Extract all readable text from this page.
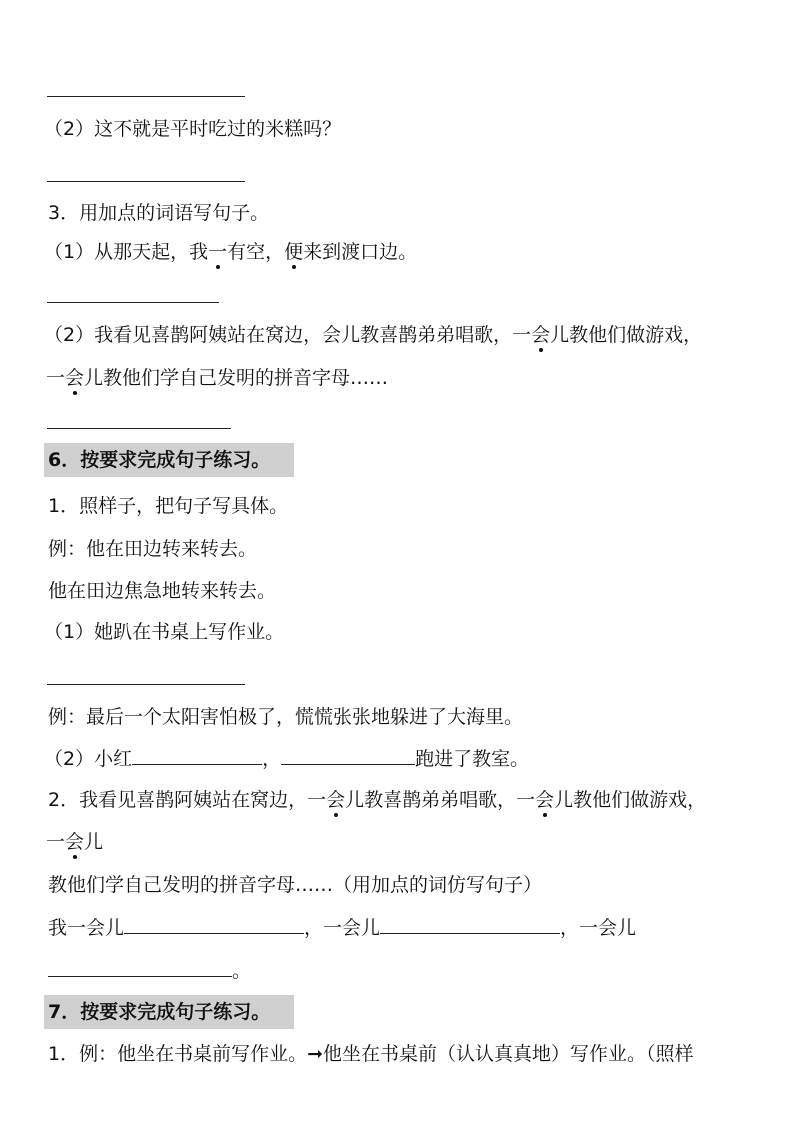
（2）这不就是平时吃过的米糕吗？
3．用加点的词语写句子。
（1）从那天起，我一有空，便来到渡口边。
（2）我看见喜鹊阿姨站在窝边，会儿教喜鹊弟弟唱歌，一会儿教他们做游戏，
一会儿教他们学自己发明的拼音字母……
6．按要求完成句子练习。
1．照样子，把句子写具体。
例：他在田边转来转去。
他在田边焦急地转来转去。
（1）她趴在书桌上写作业。
例：最后一个太阳害怕极了，慌慌张张地躲进了大海里。
（2）小红	，	跑进了教室。
2．我看见喜鹊阿姨站在窝边，一会儿教喜鹊弟弟唱歌，一会儿教他们做游戏，
一会儿
教他们学自己发明的拼音字母……（用加点的词仿写句子）
我一会儿	，一会儿	，一会儿
。
7．按要求完成句子练习。
1．例：他坐在书桌前写作业。➞他坐在书桌前（认认真真地）写作业。（照样
